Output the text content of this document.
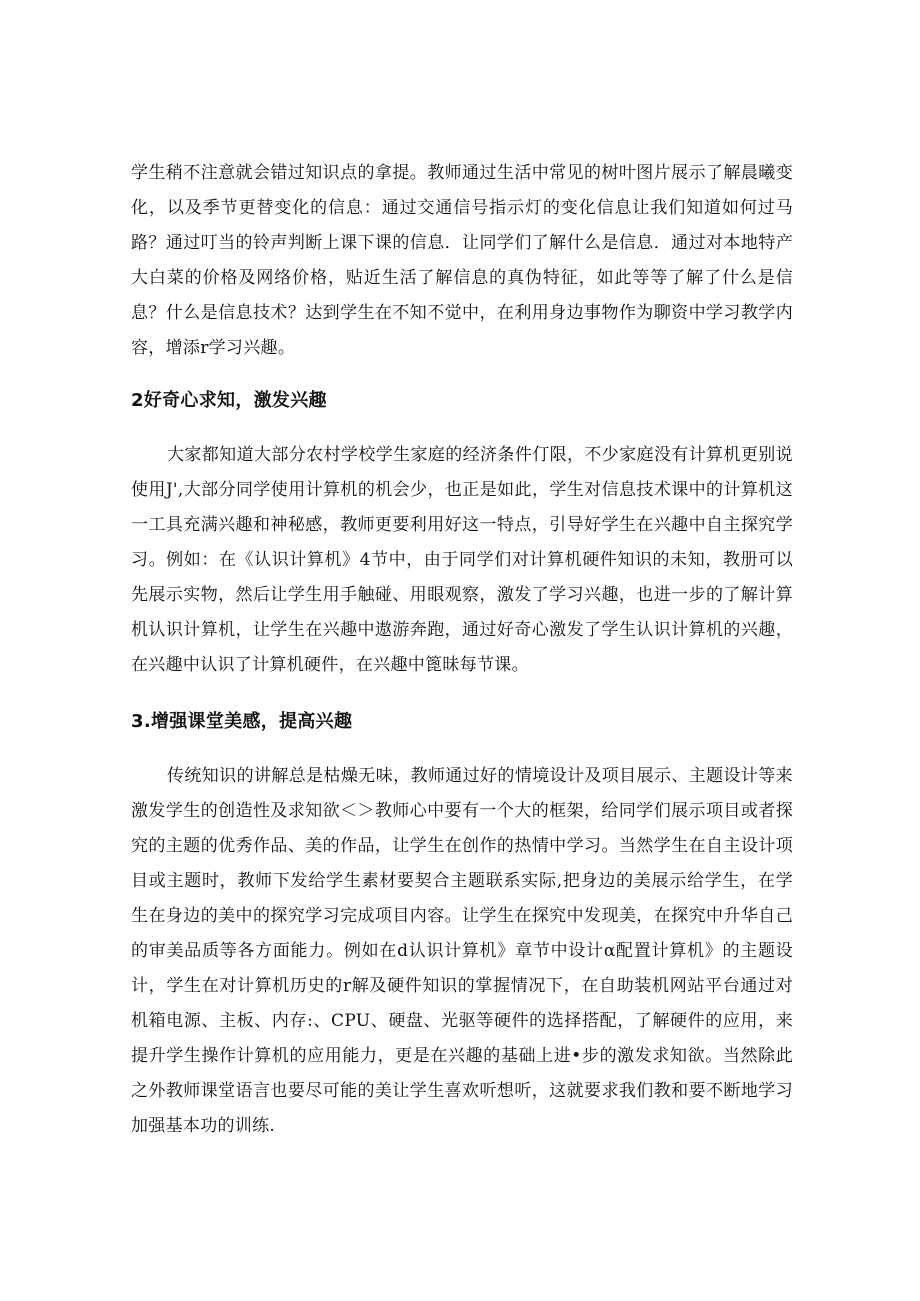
学生稍不注意就会错过知识点的拿提。教师通过生活中常见的树叶图片展示了解晨曦变化，以及季节更替变化的信息：通过交通信号指示灯的变化信息让我们知道如何过马路？通过叮当的铃声判断上课下课的信息．让同学们了解什么是信息．通过对本地特产大白菜的价格及网络价格，贴近生活了解信息的真伪特征，如此等等了解了什么是信息？什么是信息技术？达到学生在不知不觉中，在利用身边事物作为聊资中学习教学内容，增添r学习兴趣。

2好奇心求知，激发兴趣

大家都知道大部分农村学校学生家庭的经济条件仃限，不少家庭没有计算机更别说使用J',大部分同学使用计算机的机会少，也正是如此，学生对信息技术课中的计算机这一工具充满兴趣和神秘感，教师更要利用好这一特点，引导好学生在兴趣中自主探究学习。例如：在《认识计算机》4节中，由于同学们对计算机硬件知识的未知，教册可以先展示实物，然后让学生用手触碰、用眼观察，激发了学习兴趣，也进一步的了解计算机认识计算机，让学生在兴趣中遨游奔跑，通过好奇心激发了学生认识计算机的兴趣，在兴趣中认识了计算机硬件，在兴趣中篦昧每节课。

3.增强课堂美感，提高兴趣

传统知识的讲解总是枯燥无味，教师通过好的情境设计及项目展示、主题设计等来激发学生的创造性及求知欲＜＞教师心中要有一个大的框架，给同学们展示项目或者探究的主题的优秀作品、美的作品，让学生在创作的热情中学习。当然学生在自主设计项目或主题时，教师下发给学生素材要契合主题联系实际,把身边的美展示给学生，在学生在身边的美中的探究学习完成项目内容。让学生在探究中发现美，在探究中升华自己的审美品质等各方面能力。例如在d认识计算机》章节中设计α配置计算机》的主题设计，学生在对计算机历史的r解及硬件知识的掌握情况下，在自助装机网站平台通过对机箱电源、主板、内存:、CPU、硬盘、光驱等硬件的选择搭配，了解硬件的应用，来提升学生操作计算机的应用能力，更是在兴趣的基础上进•步的激发求知欲。当然除此之外教师课堂语言也要尽可能的美让学生喜欢听想听，这就要求我们教和要不断地学习加强基本功的训练.
